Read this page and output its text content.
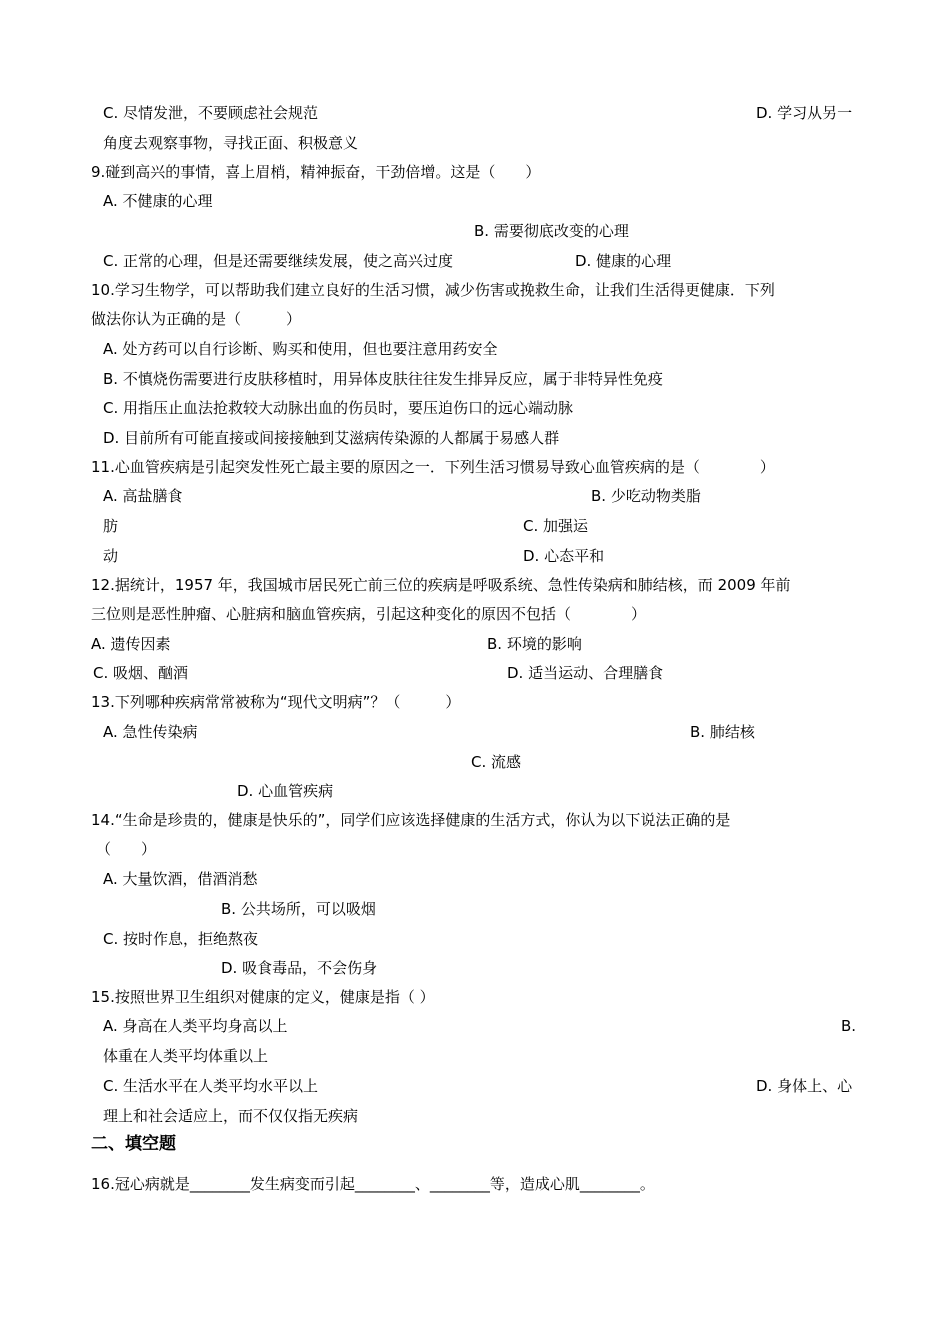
C. 尽情发泄，不要顾虑社会规范	D. 学习从另一
角度去观察事物，寻找正面、积极意义
9.碰到高兴的事情，喜上眉梢，精神振奋，干劲倍增。这是（　　）
A. 不健康的心理
B. 需要彻底改变的心理
C. 正常的心理，但是还需要继续发展，使之高兴过度	D. 健康的心理
10.学习生物学，可以帮助我们建立良好的生活习惯，减少伤害或挽救生命，让我们生活得更健康．下列
做法你认为正确的是（　　　）
A. 处方药可以自行诊断、购买和使用，但也要注意用药安全
B. 不慎烧伤需要进行皮肤移植时，用异体皮肤往往发生排异反应，属于非特异性免疫
C. 用指压止血法抢救较大动脉出血的伤员时，要压迫伤口的远心端动脉
D. 目前所有可能直接或间接接触到艾滋病传染源的人都属于易感人群
11.心血管疾病是引起突发性死亡最主要的原因之一．下列生活习惯易导致心血管疾病的是（　　　　）
A. 高盐膳食	B. 少吃动物类脂
肪	C. 加强运
动	D. 心态平和
12.据统计，1957 年，我国城市居民死亡前三位的疾病是呼吸系统、急性传染病和肺结核，而 2009 年前
三位则是恶性肿瘤、心脏病和脑血管疾病，引起这种变化的原因不包括（　　　　）
A. 遗传因素	B. 环境的影响
C. 吸烟、酗酒	D. 适当运动、合理膳食
13.下列哪种疾病常常被称为“现代文明病”？（　　　）
A. 急性传染病	B. 肺结核
C. 流感
D. 心血管疾病
14.“生命是珍贵的，健康是快乐的”，同学们应该选择健康的生活方式，你认为以下说法正确的是
（　　）
A. 大量饮酒，借酒消愁
B. 公共场所，可以吸烟
C. 按时作息，拒绝熬夜
D. 吸食毒品，不会伤身
15.按照世界卫生组织对健康的定义，健康是指（ ）
A. 身高在人类平均身高以上	B.
体重在人类平均体重以上
C. 生活水平在人类平均水平以上	D. 身体上、心
理上和社会适应上，而不仅仅指无疾病
二、填空题
16.冠心病就是________发生病变而引起________、________等，造成心肌________。
